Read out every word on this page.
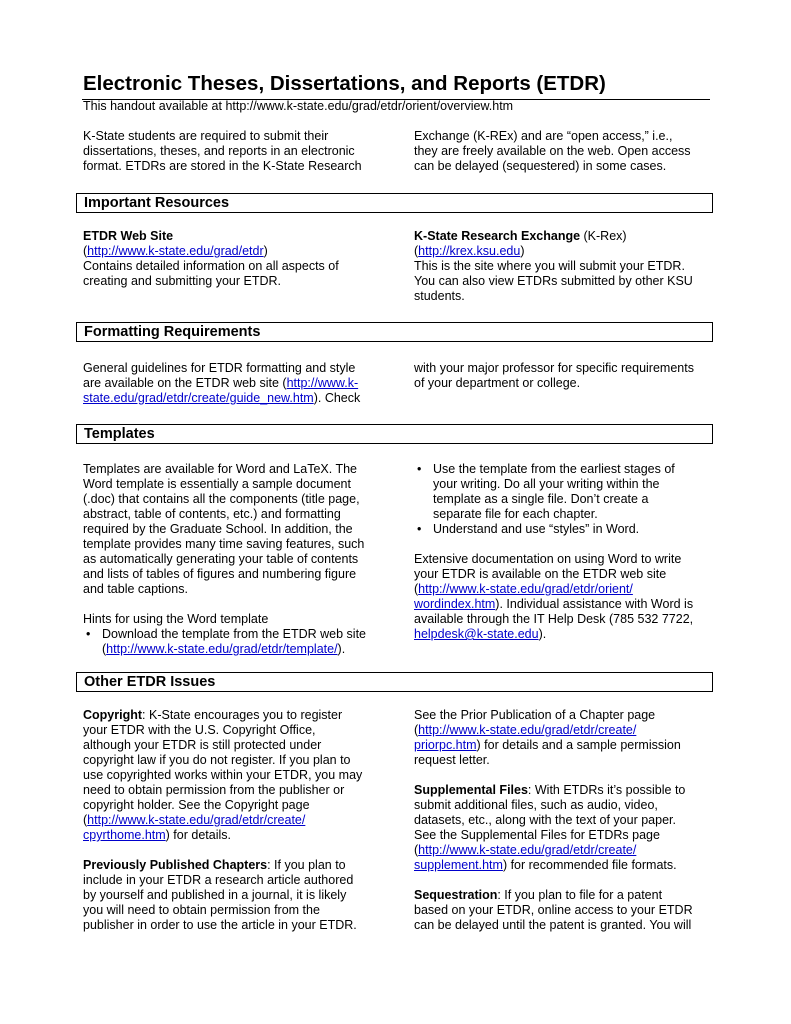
Electronic Theses, Dissertations, and Reports (ETDR)
This handout available at http://www.k-state.edu/grad/etdr/orient/overview.htm

K-State students are required to submit their

dissertations, theses, and reports in an electronic

format. ETDRs are stored in the K-State Research

Exchange (K-REx) and are “open access,” i.e.,

they are freely available on the web. Open access

can be delayed (sequestered) in some cases.

Important Resources

ETDR Web Site

(http://www.k-state.edu/grad/etdr)

Contains detailed information on all aspects of

creating and submitting your ETDR.

K-State Research Exchange (K-Rex)

(http://krex.ksu.edu)

This is the site where you will submit your ETDR.

You can also view ETDRs submitted by other KSU

students.

Formatting Requirements

General guidelines for ETDR formatting and style

are available on the ETDR web site (http://www.k-

state.edu/grad/etdr/create/guide_new.htm). Check

with your major professor for specific requirements

of your department or college.

Templates

Templates are available for Word and LaTeX. The

Word template is essentially a sample document

(.doc) that contains all the components (title page,

abstract, table of contents, etc.) and formatting

required by the Graduate School. In addition, the

template provides many time saving features, such

as automatically generating your table of contents

and lists of tables of figures and numbering figure

and table captions.

Hints for using the Word template

• Download the template from the ETDR web site

(http://www.k-state.edu/grad/etdr/template/).

• Use the template from the earliest stages of

your writing. Do all your writing within the

template as a single file. Don’t create a

separate file for each chapter.

• Understand and use “styles” in Word.

Extensive documentation on using Word to write

your ETDR is available on the ETDR web site

(http://www.k-state.edu/grad/etdr/orient/

wordindex.htm). Individual assistance with Word is

available through the IT Help Desk (785 532 7722,

helpdesk@k-state.edu).

Other ETDR Issues

Copyright: K-State encourages you to register

your ETDR with the U.S. Copyright Office,

although your ETDR is still protected under

copyright law if you do not register. If you plan to

use copyrighted works within your ETDR, you may

need to obtain permission from the publisher or

copyright holder. See the Copyright page

(http://www.k-state.edu/grad/etdr/create/

cpyrthome.htm) for details.

Previously Published Chapters: If you plan to

include in your ETDR a research article authored

by yourself and published in a journal, it is likely

you will need to obtain permission from the

publisher in order to use the article in your ETDR.

See the Prior Publication of a Chapter page

(http://www.k-state.edu/grad/etdr/create/

priorpc.htm) for details and a sample permission

request letter.

Supplemental Files: With ETDRs it’s possible to

submit additional files, such as audio, video,

datasets, etc., along with the text of your paper.

See the Supplemental Files for ETDRs page

(http://www.k-state.edu/grad/etdr/create/

supplement.htm) for recommended file formats.

Sequestration: If you plan to file for a patent

based on your ETDR, online access to your ETDR

can be delayed until the patent is granted. You will
